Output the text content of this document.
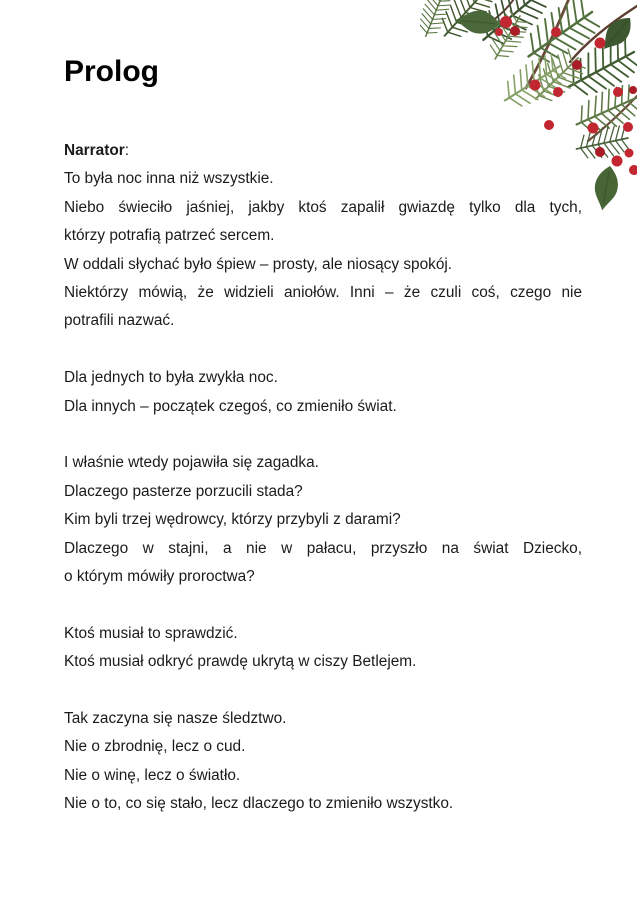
Prolog

Narrator:

To była noc inna niż wszystkie.

Niebo świeciło jaśniej, jakby ktoś zapalił gwiazdę tylko dla tych,

którzy potrafią patrzeć sercem.

W oddali słychać było śpiew – prosty, ale niosący spokój.

Niektórzy mówią, że widzieli aniołów. Inni – że czuli coś, czego nie

potrafili nazwać.

Dla jednych to była zwykła noc.

Dla innych – początek czegoś, co zmieniło świat.

I właśnie wtedy pojawiła się zagadka.

Dlaczego pasterze porzucili stada?

Kim byli trzej wędrowcy, którzy przybyli z darami?

Dlaczego w stajni, a nie w pałacu, przyszło na świat Dziecko,

o którym mówiły proroctwa?

Ktoś musiał to sprawdzić.

Ktoś musiał odkryć prawdę ukrytą w ciszy Betlejem.

Tak zaczyna się nasze śledztwo.

Nie o zbrodnię, lecz o cud.

Nie o winę, lecz o światło.

Nie o to, co się stało, lecz dlaczego to zmieniło wszystko.
